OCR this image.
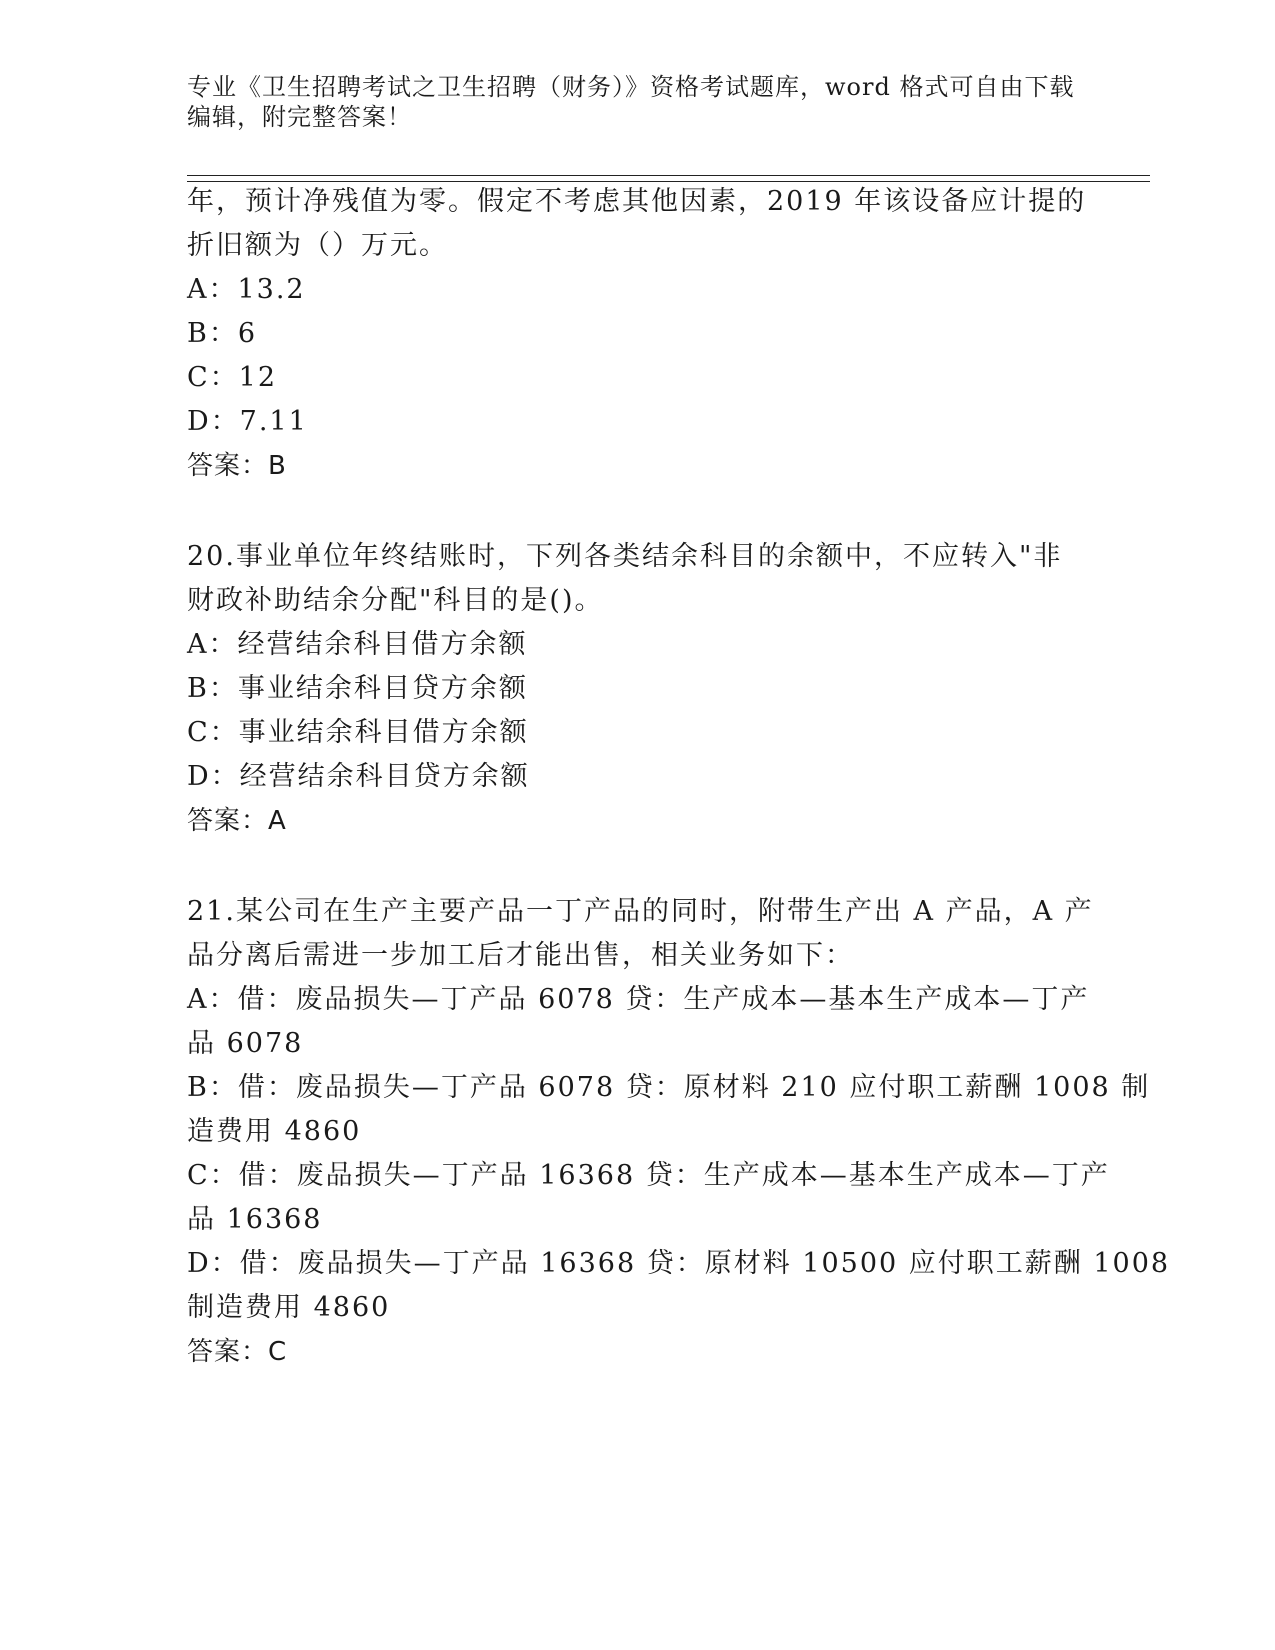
专业《卫生招聘考试之卫生招聘（财务）》资格考试题库，word 格式可自由下载
编辑，附完整答案！
年，预计净残值为零。假定不考虑其他因素，2019 年该设备应计提的
折旧额为（）万元。
A：13.2
B：6
C：12
D：7.11
答案：B
20.事业单位年终结账时，下列各类结余科目的余额中，不应转入"非
财政补助结余分配"科目的是()。
A：经营结余科目借方余额
B：事业结余科目贷方余额
C：事业结余科目借方余额
D：经营结余科目贷方余额
答案：A
21.某公司在生产主要产品一丁产品的同时，附带生产出 A 产品，A 产
品分离后需进一步加工后才能出售，相关业务如下：
A：借：废品损失—丁产品 6078 贷：生产成本—基本生产成本—丁产
品 6078
B：借：废品损失—丁产品 6078 贷：原材料 210 应付职工薪酬 1008 制
造费用 4860
C：借：废品损失—丁产品 16368 贷：生产成本—基本生产成本—丁产
品 16368
D：借：废品损失—丁产品 16368 贷：原材料 10500 应付职工薪酬 1008
制造费用 4860
答案：C
